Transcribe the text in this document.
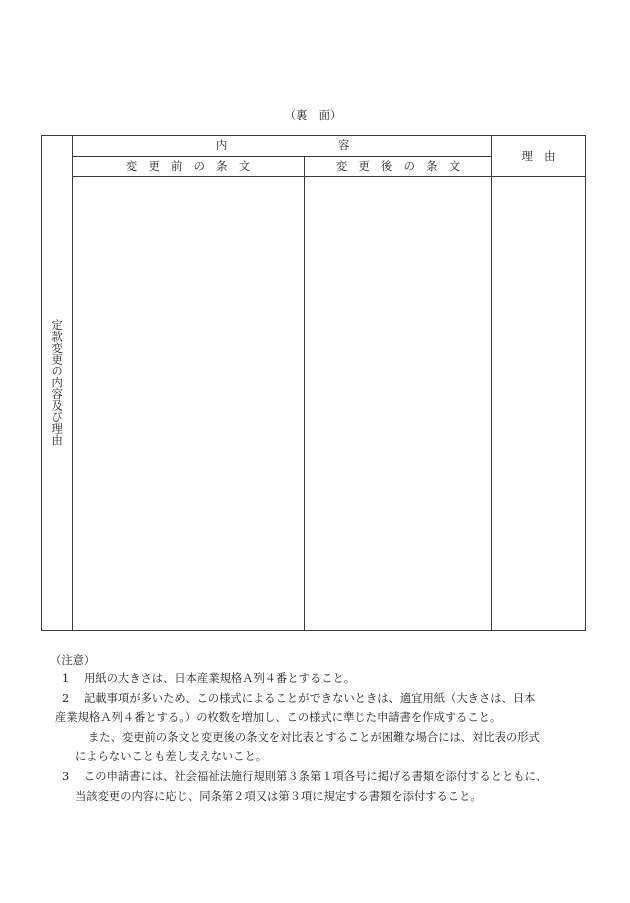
（裏　面）
定款変更の内容及び理由
内	容
変　更　前　の　条　文	変　更　後　の　条　文
理　由
（注意）
1 用紙の大きさは、日本産業規格Ａ列４番とすること。
2 記載事項が多いため、この様式によることができないときは、適宜用紙（大きさは、日本
産業規格Ａ列４番とする。）の枚数を増加し、この様式に準じた申請書を作成すること。
また、変更前の条文と変更後の条文を対比表とすることが困難な場合には、対比表の形式
によらないことも差し支えないこと。
3 この申請書には、社会福祉法施行規則第３条第１項各号に掲げる書類を添付するとともに、
当該変更の内容に応じ、同条第２項又は第３項に規定する書類を添付すること。
